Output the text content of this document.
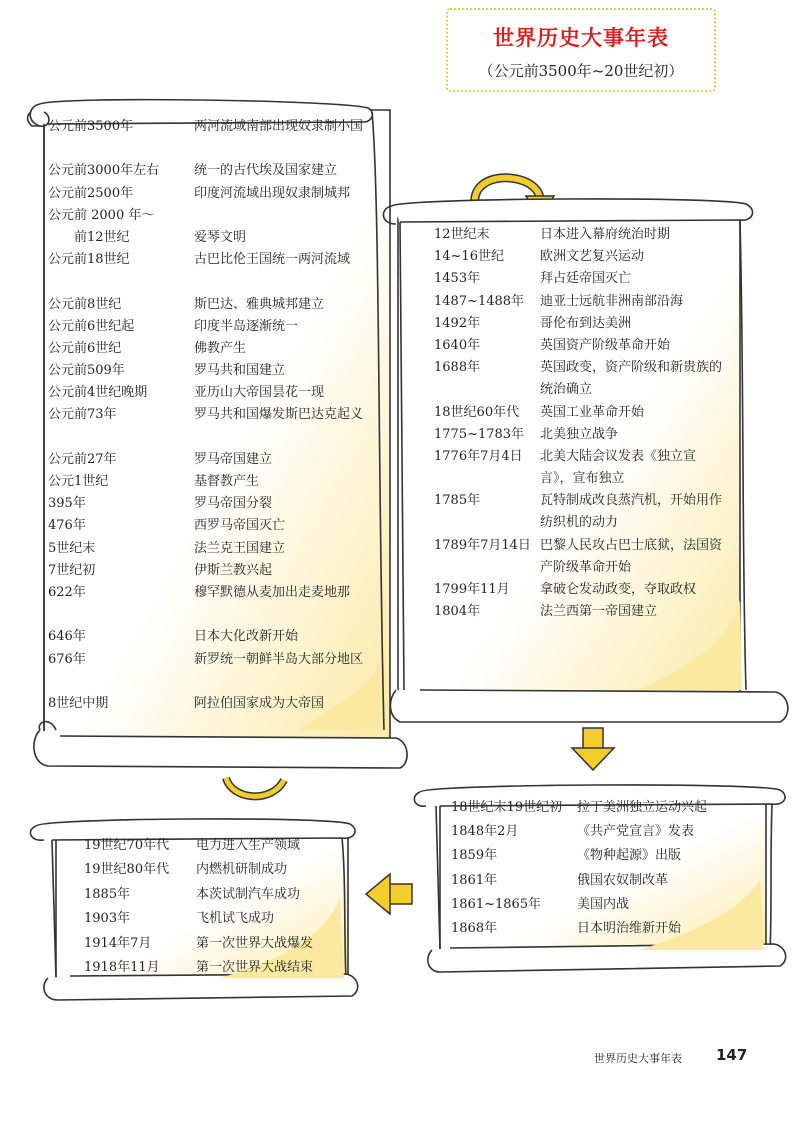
世界历史大事年表
（公元前3500年~20世纪初）
公元前3500年	两河流域南部出现奴隶制小国
公元前3000年左右	统一的古代埃及国家建立
公元前2500年	印度河流域出现奴隶制城邦
公元前 2000 年～
　　前12世纪	爱琴文明
公元前18世纪	古巴比伦王国统一两河流域
公元前8世纪	斯巴达、雅典城邦建立
公元前6世纪起	印度半岛逐渐统一
公元前6世纪	佛教产生
公元前509年	罗马共和国建立
公元前4世纪晚期	亚历山大帝国昙花一现
公元前73年	罗马共和国爆发斯巴达克起义
公元前27年	罗马帝国建立
公元1世纪	基督教产生
395年	罗马帝国分裂
476年	西罗马帝国灭亡
5世纪末	法兰克王国建立
7世纪初	伊斯兰教兴起
622年	穆罕默德从麦加出走麦地那
646年	日本大化改新开始
676年	新罗统一朝鲜半岛大部分地区
8世纪中期	阿拉伯国家成为大帝国
12世纪末	日本进入幕府统治时期
14~16世纪	欧洲文艺复兴运动
1453年	拜占廷帝国灭亡
1487~1488年 迪亚士远航非洲南部沿海
1492年	哥伦布到达美洲
1640年	英国资产阶级革命开始
1688年	英国政变，资产阶级和新贵族的统治确立
18世纪60年代 英国工业革命开始
1775~1783年 北美独立战争
1776年7月4日 北美大陆会议发表《独立宣言》，宣布独立
1785年	瓦特制成改良蒸汽机，开始用作纺织机的动力
1789年7月14日 巴黎人民攻占巴士底狱，法国资产阶级革命开始
1799年11月 拿破仑发动政变，夺取政权
1804年	法兰西第一帝国建立
18世纪末19世纪初 拉丁美洲独立运动兴起
1848年2月	《共产党宣言》发表
1859年	《物种起源》出版
1861年	俄国农奴制改革
1861~1865年	美国内战
1868年	日本明治维新开始
19世纪70年代 电力进入生产领域
19世纪80年代 内燃机研制成功
1885年	本茨试制汽车成功
1903年	飞机试飞成功
1914年7月	第一次世界大战爆发
1918年11月	第一次世界大战结束
世界历史大事年表 147
